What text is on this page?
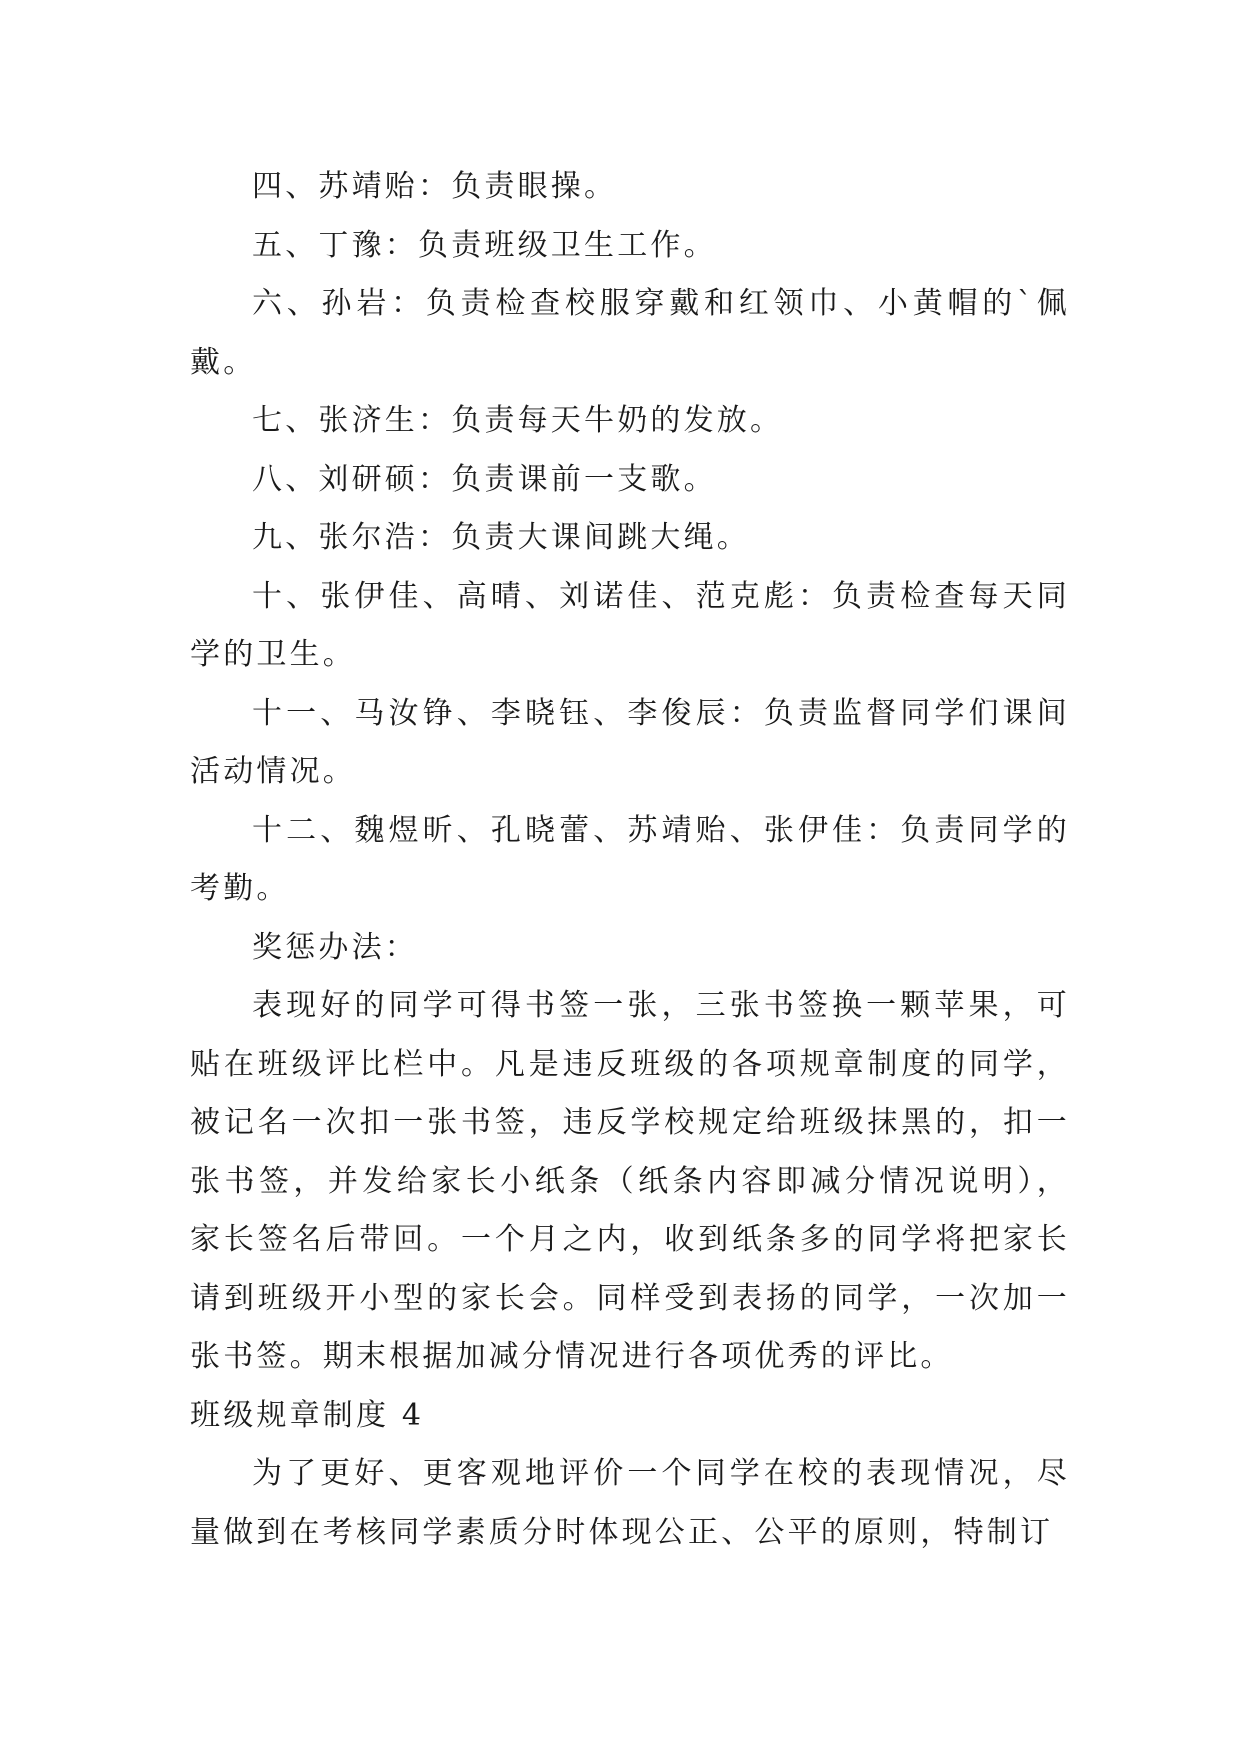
四、苏靖贻：负责眼操。

五、丁豫：负责班级卫生工作。

六、孙岩：负责检查校服穿戴和红领巾、小黄帽的`佩戴。

七、张济生：负责每天牛奶的发放。

八、刘研硕：负责课前一支歌。

九、张尔浩：负责大课间跳大绳。

十、张伊佳、高晴、刘诺佳、范克彪：负责检查每天同学的卫生。

十一、马汝铮、李晓钰、李俊辰：负责监督同学们课间活动情况。

十二、魏煜昕、孔晓蕾、苏靖贻、张伊佳：负责同学的考勤。

奖惩办法：

表现好的同学可得书签一张，三张书签换一颗苹果，可贴在班级评比栏中。凡是违反班级的各项规章制度的同学，被记名一次扣一张书签，违反学校规定给班级抹黑的，扣一张书签，并发给家长小纸条（纸条内容即减分情况说明），家长签名后带回。一个月之内，收到纸条多的同学将把家长请到班级开小型的家长会。同样受到表扬的同学，一次加一张书签。期末根据加减分情况进行各项优秀的评比。

班级规章制度 4

为了更好、更客观地评价一个同学在校的表现情况，尽量做到在考核同学素质分时体现公正、公平的原则，特制订
